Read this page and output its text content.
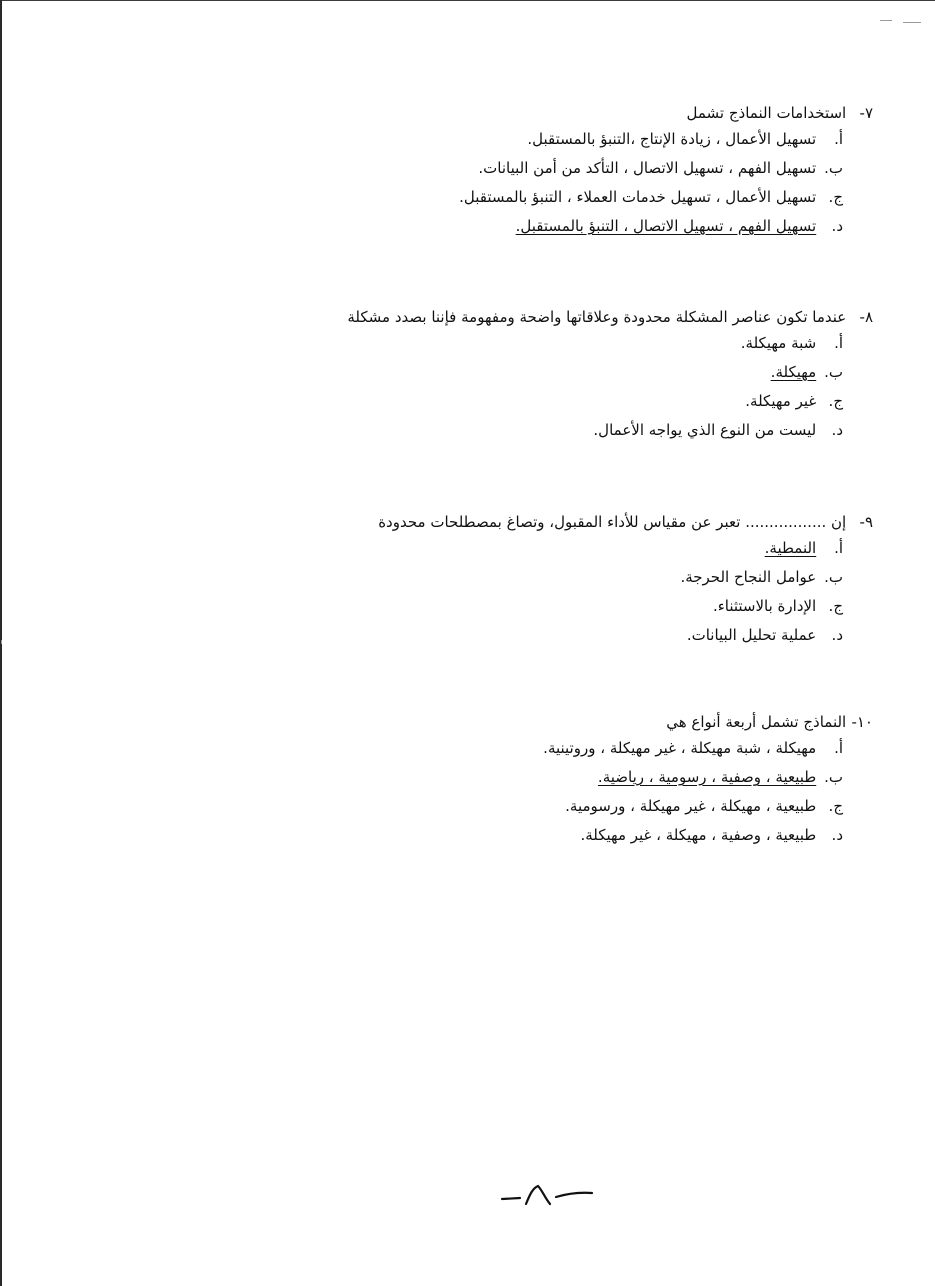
٧- استخدامات النماذج تشمل
أ. تسهيل الأعمال ، زيادة الإنتاج ،التنبؤ بالمستقبل.
ب. تسهيل الفهم ، تسهيل الاتصال ، التأكد من أمن البيانات.
ج. تسهيل الأعمال ، تسهيل خدمات العملاء ، التنبؤ بالمستقبل.
د. تسهيل الفهم ، تسهيل الاتصال ، التنبؤ بالمستقبل.
٨- عندما تكون عناصر المشكلة محدودة وعلاقاتها واضحة ومفهومة فإننا بصدد مشكلة
أ. شبة مهيكلة.
ب. مهيكلة.
ج. غير مهيكلة.
د. ليست من النوع الذي يواجه الأعمال.
٩- إن ................. تعبر عن مقياس للأداء المقبول، وتصاغ بمصطلحات محدودة
أ. النمطية.
ب. عوامل النجاح الحرجة.
ج. الإدارة بالاستثناء.
د. عملية تحليل البيانات.
١٠- النماذج تشمل أربعة أنواع هي
أ. مهيكلة ، شبة مهيكلة ، غير مهيكلة ، وروتينية.
ب. طبيعية ، وصفية ، رسومية ، رياضية.
ج. طبيعية ، مهيكلة ، غير مهيكلة ، ورسومية.
د. طبيعية ، وصفية ، مهيكلة ، غير مهيكلة.
